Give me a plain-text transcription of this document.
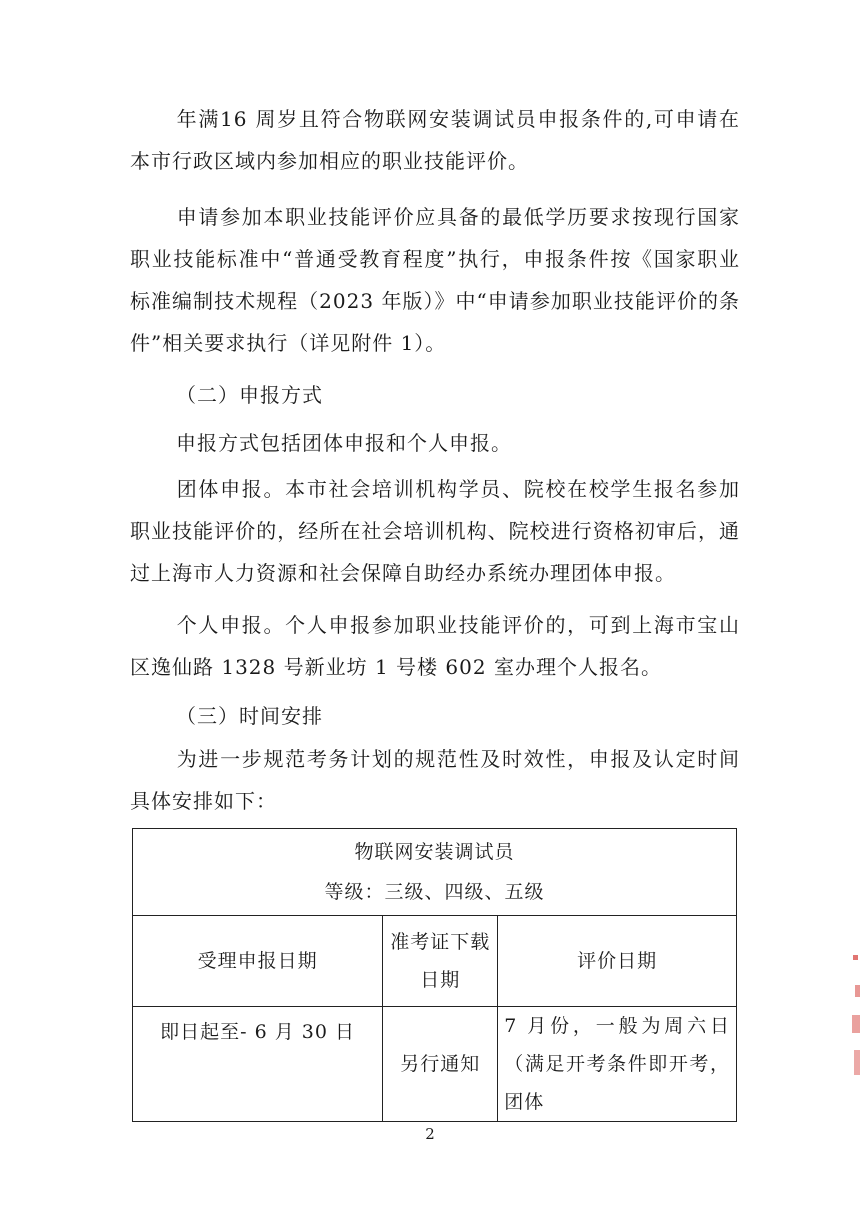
年满16 周岁且符合物联网安装调试员申报条件的,可申请在本市行政区域内参加相应的职业技能评价。

申请参加本职业技能评价应具备的最低学历要求按现行国家职业技能标准中“普通受教育程度”执行，申报条件按《国家职业标准编制技术规程（2023 年版）》中“申请参加职业技能评价的条件”相关要求执行（详见附件 1）。

（二）申报方式

申报方式包括团体申报和个人申报。

团体申报。本市社会培训机构学员、院校在校学生报名参加职业技能评价的，经所在社会培训机构、院校进行资格初审后，通过上海市人力资源和社会保障自助经办系统办理团体申报。

个人申报。个人申报参加职业技能评价的，可到上海市宝山区逸仙路 1328 号新业坊 1 号楼 602 室办理个人报名。

（三）时间安排

为进一步规范考务计划的规范性及时效性，申报及认定时间具体安排如下：

物联网安装调试员
等级：三级、四级、五级		

受理申报日期	准考证下载日期	评价日期
即日起至- 6 月 30 日	另行通知	7 月份，一般为周六日（满足开考条件即开考，团体
2
